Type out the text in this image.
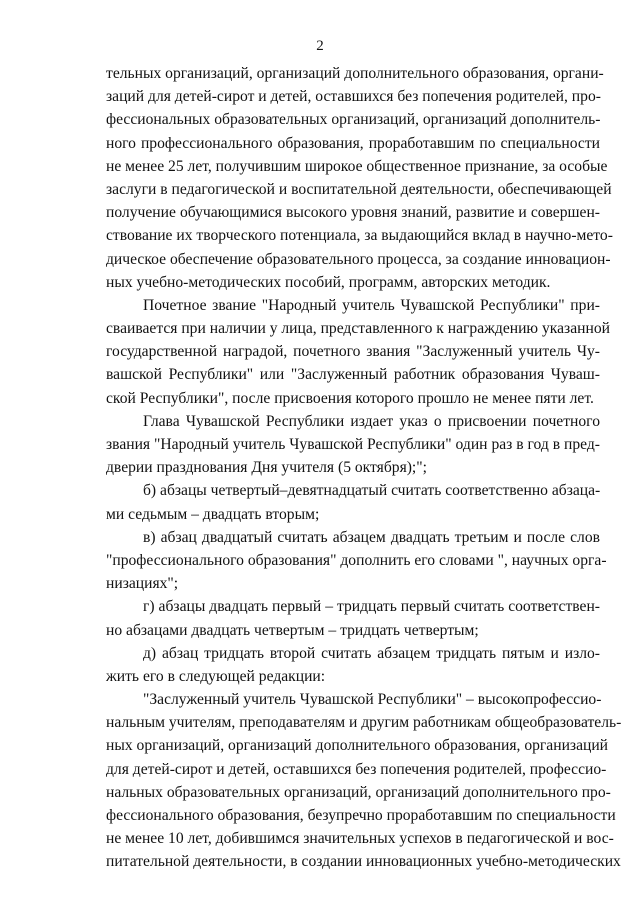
2
тельных организаций, организаций дополнительного образования, органи-
заций для детей-сирот и детей, оставшихся без попечения родителей, про-
фессиональных образовательных организаций, организаций дополнитель-
ного профессионального образования, проработавшим по специальности
не менее 25 лет, получившим широкое общественное признание, за особые
заслуги в педагогической и воспитательной деятельности, обеспечивающей
получение обучающимися высокого уровня знаний, развитие и совершен-
ствование их творческого потенциала, за выдающийся вклад в научно-мето-
дическое обеспечение образовательного процесса, за создание инновацион-
ных учебно-методических пособий, программ, авторских методик.
Почетное звание "Народный учитель Чувашской Республики" при-
сваивается при наличии у лица, представленного к награждению указанной
государственной наградой, почетного звания "Заслуженный учитель Чу-
вашской Республики" или "Заслуженный работник образования Чуваш-
ской Республики", после присвоения которого прошло не менее пяти лет.
Глава Чувашской Республики издает указ о присвоении почетного
звания "Народный учитель Чувашской Республики" один раз в год в пред-
дверии празднования Дня учителя (5 октября);";
б) абзацы четвертый–девятнадцатый считать соответственно абзаца-
ми седьмым – двадцать вторым;
в) абзац двадцатый считать абзацем двадцать третьим и после слов
"профессионального образования" дополнить его словами ", научных орга-
низациях";
г) абзацы двадцать первый – тридцать первый считать соответствен-
но абзацами двадцать четвертым – тридцать четвертым;
д) абзац тридцать второй считать абзацем тридцать пятым и изло-
жить его в следующей редакции:
"Заслуженный учитель Чувашской Республики" – высокопрофессио-
нальным учителям, преподавателям и другим работникам общеобразователь-
ных организаций, организаций дополнительного образования, организаций
для детей-сирот и детей, оставшихся без попечения родителей, профессио-
нальных образовательных организаций, организаций дополнительного про-
фессионального образования, безупречно проработавшим по специальности
не менее 10 лет, добившимся значительных успехов в педагогической и вос-
питательной деятельности, в создании инновационных учебно-методических
